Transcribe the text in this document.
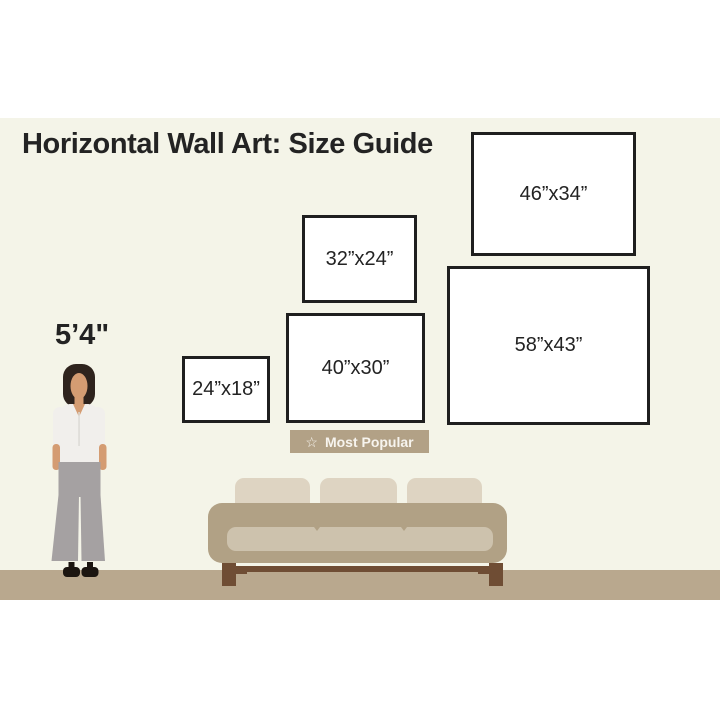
Horizontal Wall Art: Size Guide
5’4"
24”x18”
32”x24”
40”x30”
46”x34”
58”x43”
☆ Most Popular
